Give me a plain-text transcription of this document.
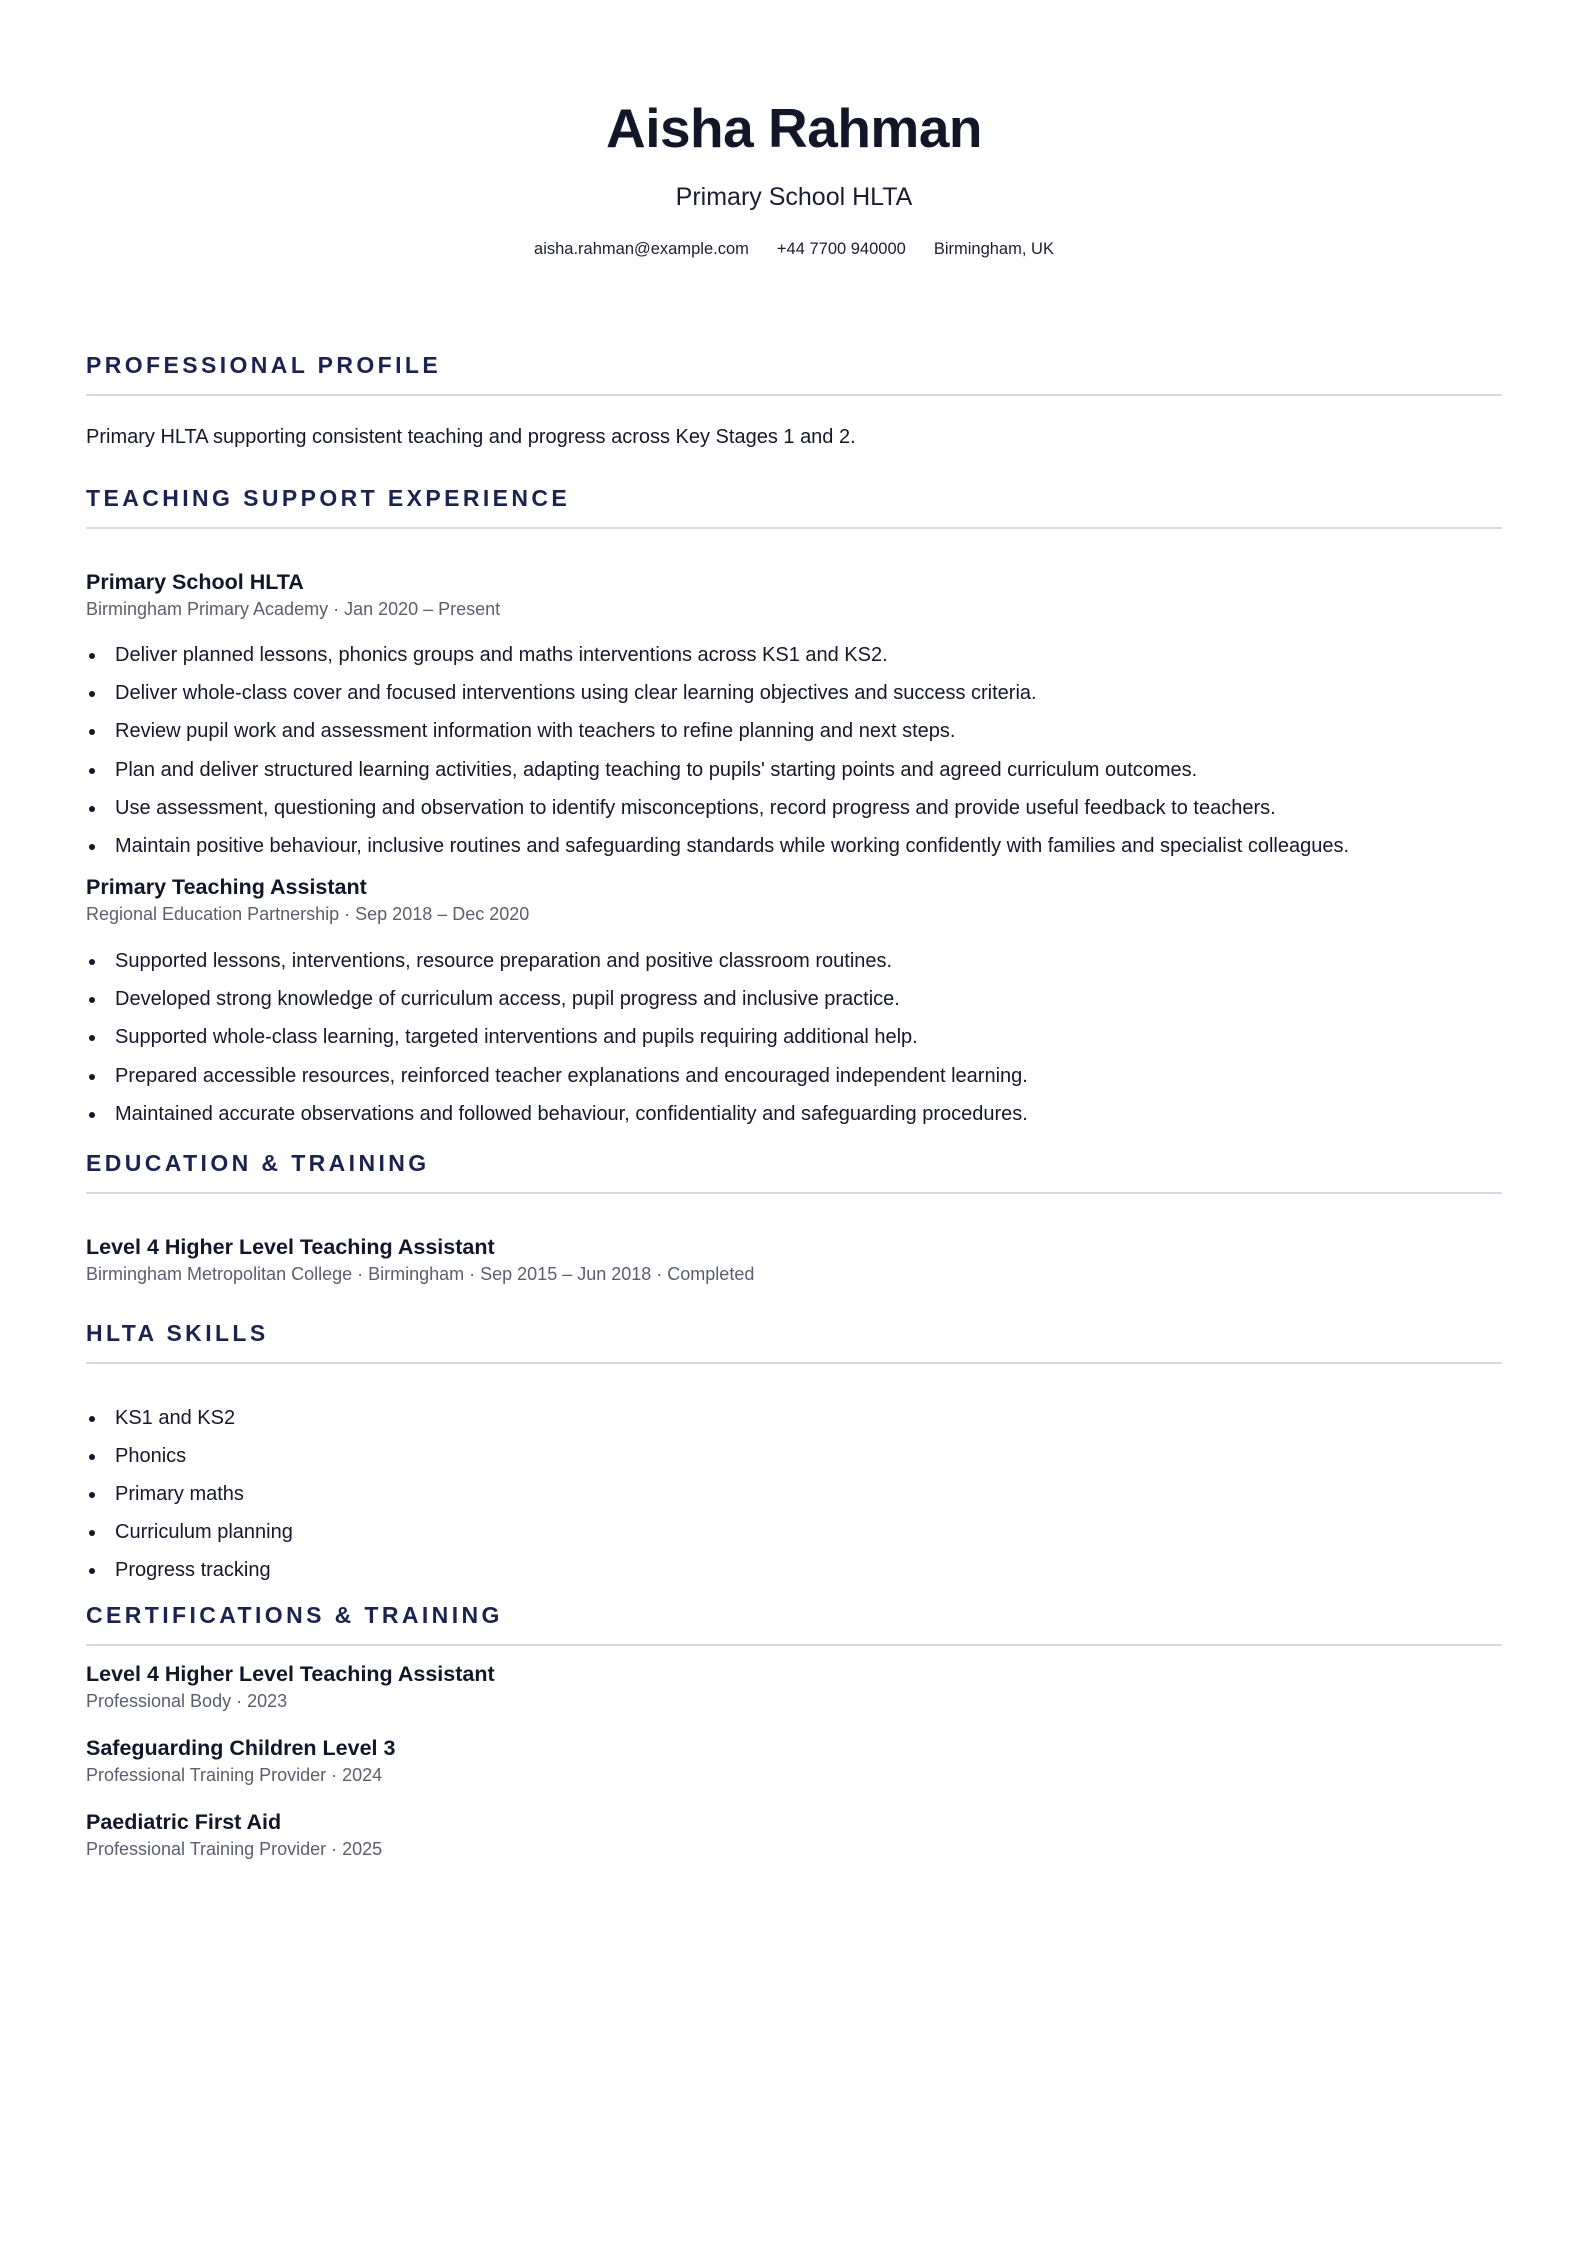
Aisha Rahman

Primary School HLTA

aisha.rahman@example.com +44 7700 940000 Birmingham, UK
PROFESSIONAL PROFILE

Primary HLTA supporting consistent teaching and progress across Key Stages 1 and 2.

TEACHING SUPPORT EXPERIENCE
Primary School HLTA

Birmingham Primary Academy · Jan 2020 – Present

Deliver planned lessons, phonics groups and maths interventions across KS1 and KS2.
Deliver whole-class cover and focused interventions using clear learning objectives and success criteria.
Review pupil work and assessment information with teachers to refine planning and next steps.
Plan and deliver structured learning activities, adapting teaching to pupils' starting points and agreed curriculum outcomes.
Use assessment, questioning and observation to identify misconceptions, record progress and provide useful feedback to teachers.
Maintain positive behaviour, inclusive routines and safeguarding standards while working confidently with families and specialist colleagues.
Primary Teaching Assistant

Regional Education Partnership · Sep 2018 – Dec 2020

Supported lessons, interventions, resource preparation and positive classroom routines.
Developed strong knowledge of curriculum access, pupil progress and inclusive practice.
Supported whole-class learning, targeted interventions and pupils requiring additional help.
Prepared accessible resources, reinforced teacher explanations and encouraged independent learning.
Maintained accurate observations and followed behaviour, confidentiality and safeguarding procedures.
EDUCATION & TRAINING
Level 4 Higher Level Teaching Assistant

Birmingham Metropolitan College · Birmingham · Sep 2015 – Jun 2018 · Completed

HLTA SKILLS
KS1 and KS2
Phonics
Primary maths
Curriculum planning
Progress tracking
CERTIFICATIONS & TRAINING
Level 4 Higher Level Teaching Assistant

Professional Body · 2023

Safeguarding Children Level 3

Professional Training Provider · 2024

Paediatric First Aid

Professional Training Provider · 2025
